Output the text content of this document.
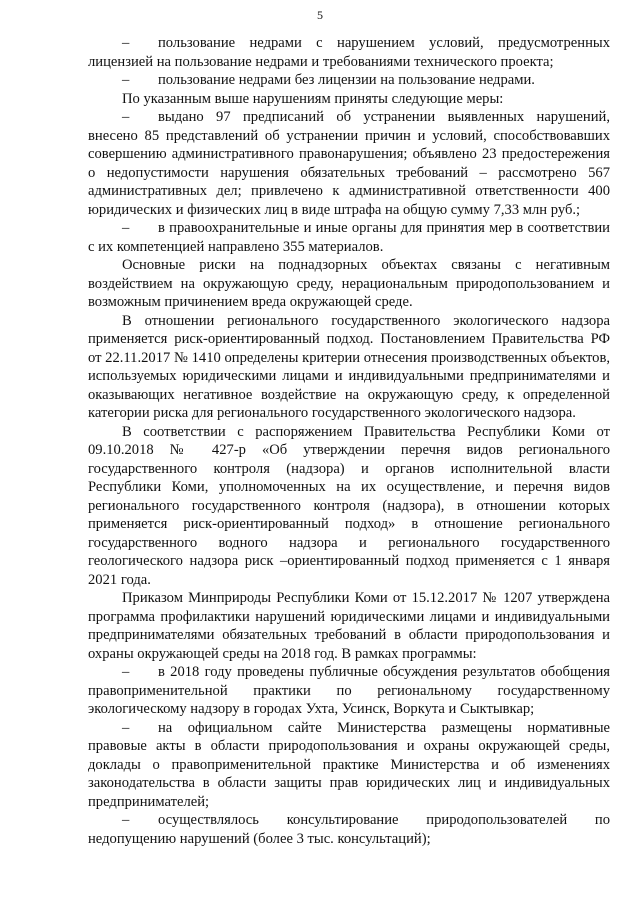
5

– пользование недрами с нарушением условий, предусмотренных лицензией на пользование недрами и требованиями технического проекта;

– пользование недрами без лицензии на пользование недрами.

По указанным выше нарушениям приняты следующие меры:

– выдано 97 предписаний об устранении выявленных нарушений, внесено 85 представлений об устранении причин и условий, способствовавших совершению административного правонарушения; объявлено 23 предостережения о недопустимости нарушения обязательных требований – рассмотрено 567 административных дел; привлечено к административной ответственности 400 юридических и физических лиц в виде штрафа на общую сумму 7,33 млн руб.;

– в правоохранительные и иные органы для принятия мер в соответствии с их компетенцией направлено 355 материалов.

Основные риски на поднадзорных объектах связаны с негативным воздействием на окружающую среду, нерациональным природопользованием и возможным причинением вреда окружающей среде.

В отношении регионального государственного экологического надзора применяется риск-ориентированный подход. Постановлением Правительства РФ от 22.11.2017 № 1410 определены критерии отнесения производственных объектов, используемых юридическими лицами и индивидуальными предпринимателями и оказывающих негативное воздействие на окружающую среду, к определенной категории риска для регионального государственного экологического надзора.

В соответствии с распоряжением Правительства Республики Коми от 09.10.2018 № 427-р «Об утверждении перечня видов регионального государственного контроля (надзора) и органов исполнительной власти Республики Коми, уполномоченных на их осуществление, и перечня видов регионального государственного контроля (надзора), в отношении которых применяется риск-ориентированный подход» в отношение регионального государственного водного надзора и регионального государственного геологического надзора риск –ориентированный подход применяется с 1 января 2021 года.

Приказом Минприроды Республики Коми от 15.12.2017 № 1207 утверждена программа профилактики нарушений юридическими лицами и индивидуальными предпринимателями обязательных требований в области природопользования и охраны окружающей среды на 2018 год. В рамках программы:

– в 2018 году проведены публичные обсуждения результатов обобщения правоприменительной практики по региональному государственному экологическому надзору в городах Ухта, Усинск, Воркута и Сыктывкар;

– на официальном сайте Министерства размещены нормативные правовые акты в области природопользования и охраны окружающей среды, доклады о правоприменительной практике Министерства и об изменениях законодательства в области защиты прав юридических лиц и индивидуальных предпринимателей;

– осуществлялось консультирование природопользователей по недопущению нарушений (более 3 тыс. консультаций);
